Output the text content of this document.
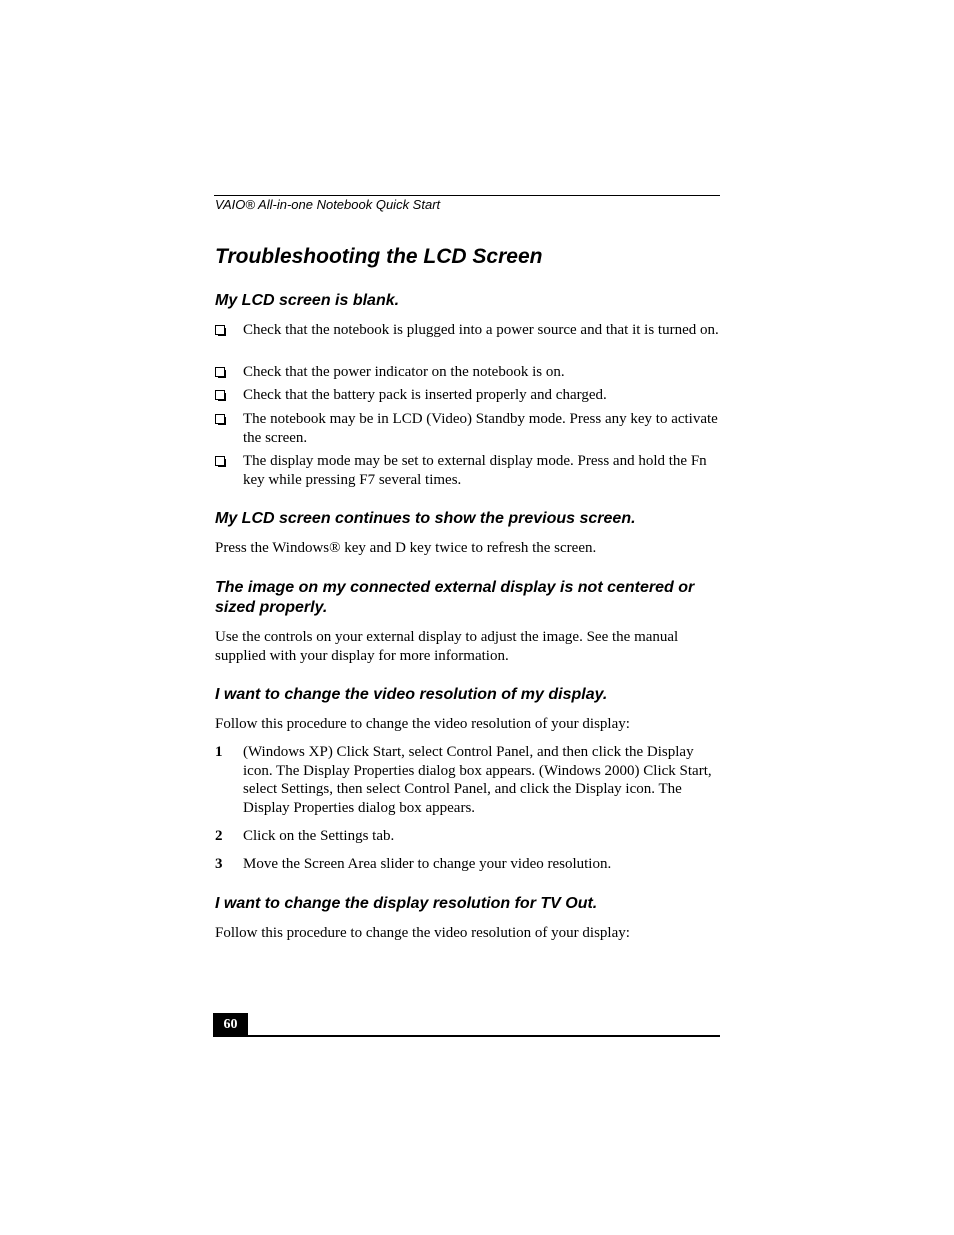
VAIO® All-in-one Notebook Quick Start
Troubleshooting the LCD Screen
My LCD screen is blank.
Check that the notebook is plugged into a power source and that it is turned on.
Check that the power indicator on the notebook is on.
Check that the battery pack is inserted properly and charged.
The notebook may be in LCD (Video) Standby mode. Press any key to activate the screen.
The display mode may be set to external display mode. Press and hold the Fn key while pressing F7 several times.
My LCD screen continues to show the previous screen.
Press the Windows® key and D key twice to refresh the screen.
The image on my connected external display is not centered or sized properly.
Use the controls on your external display to adjust the image. See the manual supplied with your display for more information.
I want to change the video resolution of my display.
Follow this procedure to change the video resolution of your display:
1	(Windows XP) Click Start, select Control Panel, and then click the Display icon. The Display Properties dialog box appears. (Windows 2000) Click Start, select Settings, then select Control Panel, and click the Display icon. The Display Properties dialog box appears.
2	Click on the Settings tab.
3	Move the Screen Area slider to change your video resolution.
I want to change the display resolution for TV Out.
Follow this procedure to change the video resolution of your display:
60
